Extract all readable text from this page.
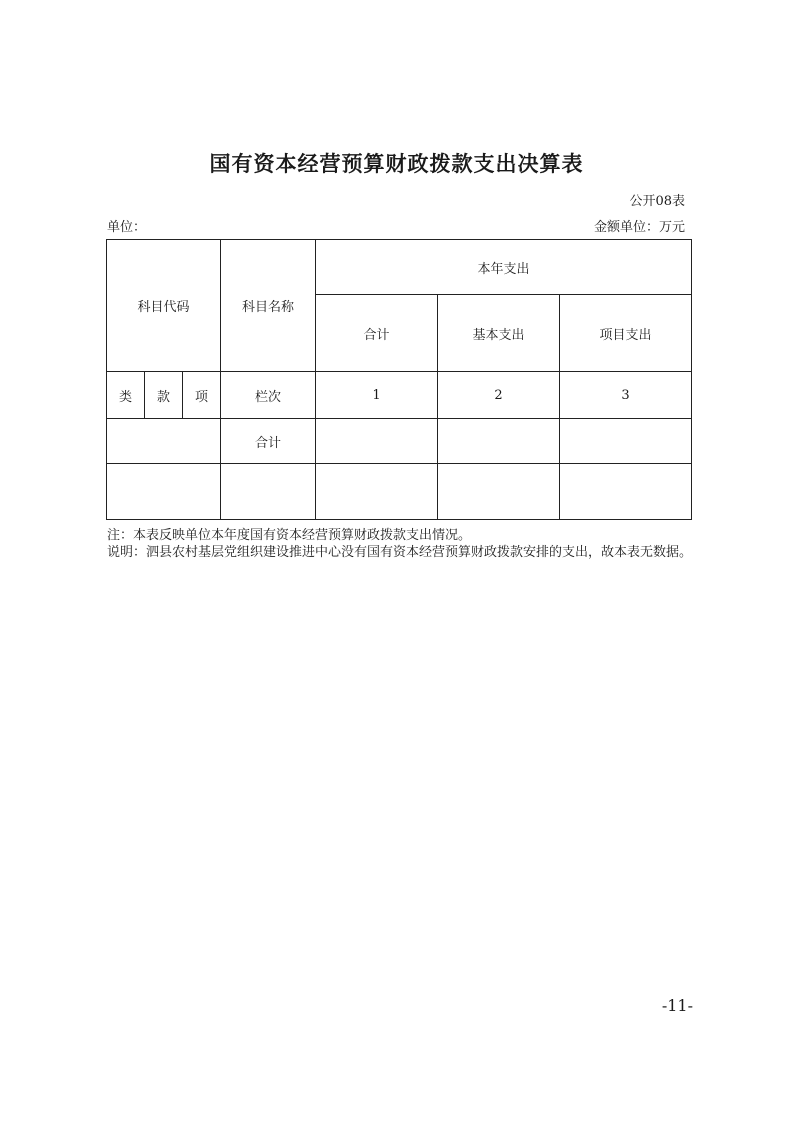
国有资本经营预算财政拨款支出决算表
公开08表
单位：	金额单位：万元
科目代码			科目名称	本年支出		
				合计	基本支出	项目支出
类	款	项	栏次	1	2	3
			合计			

注：本表反映单位本年度国有资本经营预算财政拨款支出情况。
说明：泗县农村基层党组织建设推进中心没有国有资本经营预算财政拨款安排的支出，故本表无数据。
-11-
